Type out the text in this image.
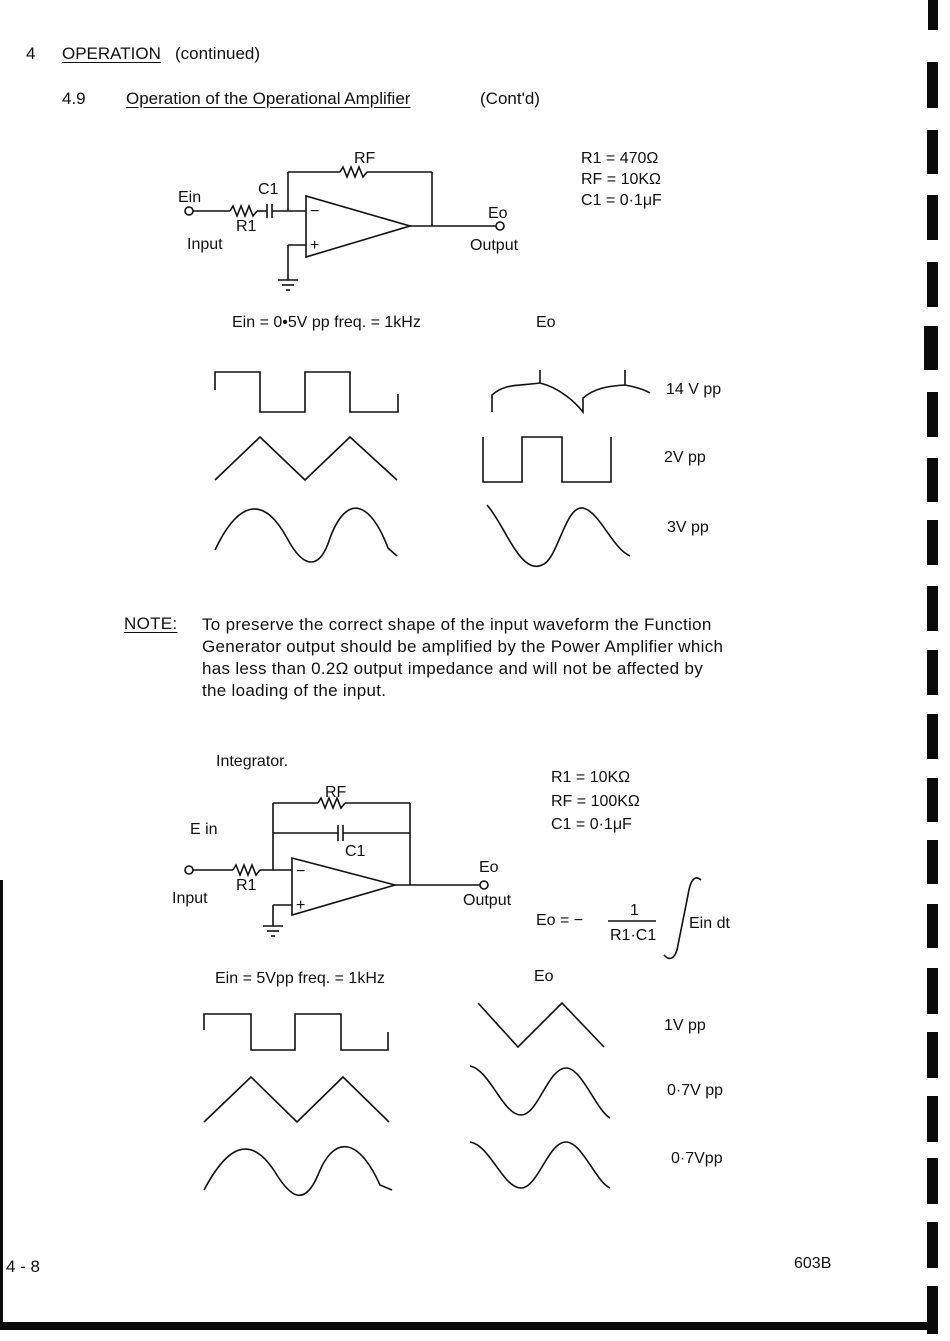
4 OPERATION (continued)
4.9 Operation of the Operational Amplifier	(Cont'd)
−
+
RF
C1
R1
Ein
Input
Eo
Output
R1 = 470Ω
RF = 10KΩ
C1 = 0·1μF
Ein = 0•5V pp freq. = 1kHz	Eo
14 V pp
2V pp
3V pp
NOTE: To preserve the correct shape of the input waveform the Function
Generator output should be amplified by the Power Amplifier which
has less than 0.2Ω output impedance and will not be affected by
the loading of the input.
Integrator.
−
+
RF
C1
R1
E in
Input
Eo
Output
R1 = 10KΩ
RF = 100KΩ
C1 = 0·1μF
Eo = −
1
R1·C1
Ein dt
Ein = 5Vpp freq. = 1kHz	Eo
1V pp
0·7V pp
0·7Vpp
4 - 8	603B
